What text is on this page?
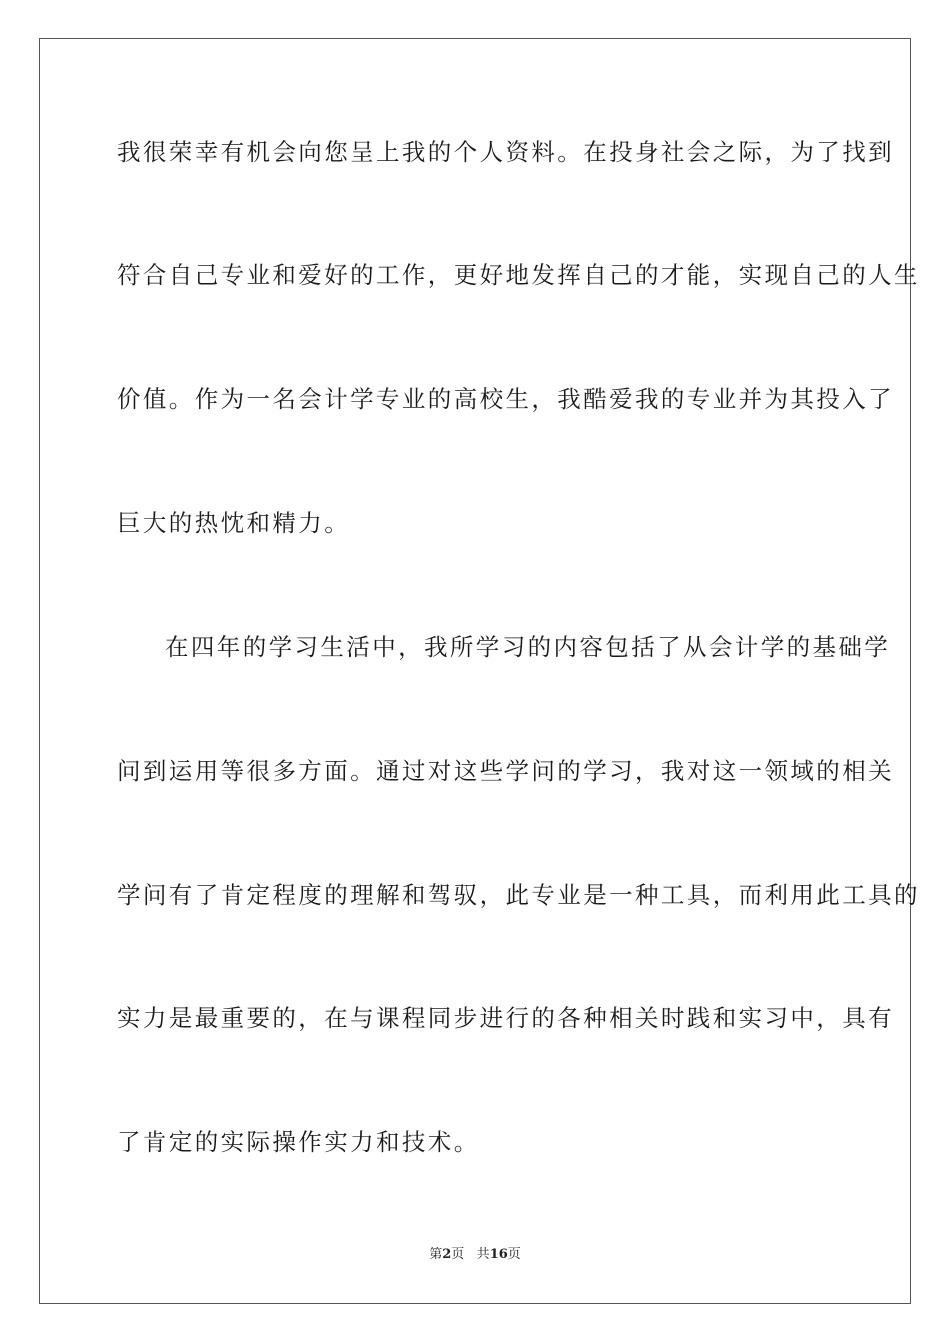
我很荣幸有机会向您呈上我的个人资料。在投身社会之际，为了找到
符合自己专业和爱好的工作，更好地发挥自己的才能，实现自己的人生
价值。作为一名会计学专业的高校生，我酷爱我的专业并为其投入了
巨大的热忱和精力。
在四年的学习生活中，我所学习的内容包括了从会计学的基础学
问到运用等很多方面。通过对这些学问的学习，我对这一领域的相关
学问有了肯定程度的理解和驾驭，此专业是一种工具，而利用此工具的
实力是最重要的，在与课程同步进行的各种相关时践和实习中，具有
了肯定的实际操作实力和技术。
第2页 共16页
